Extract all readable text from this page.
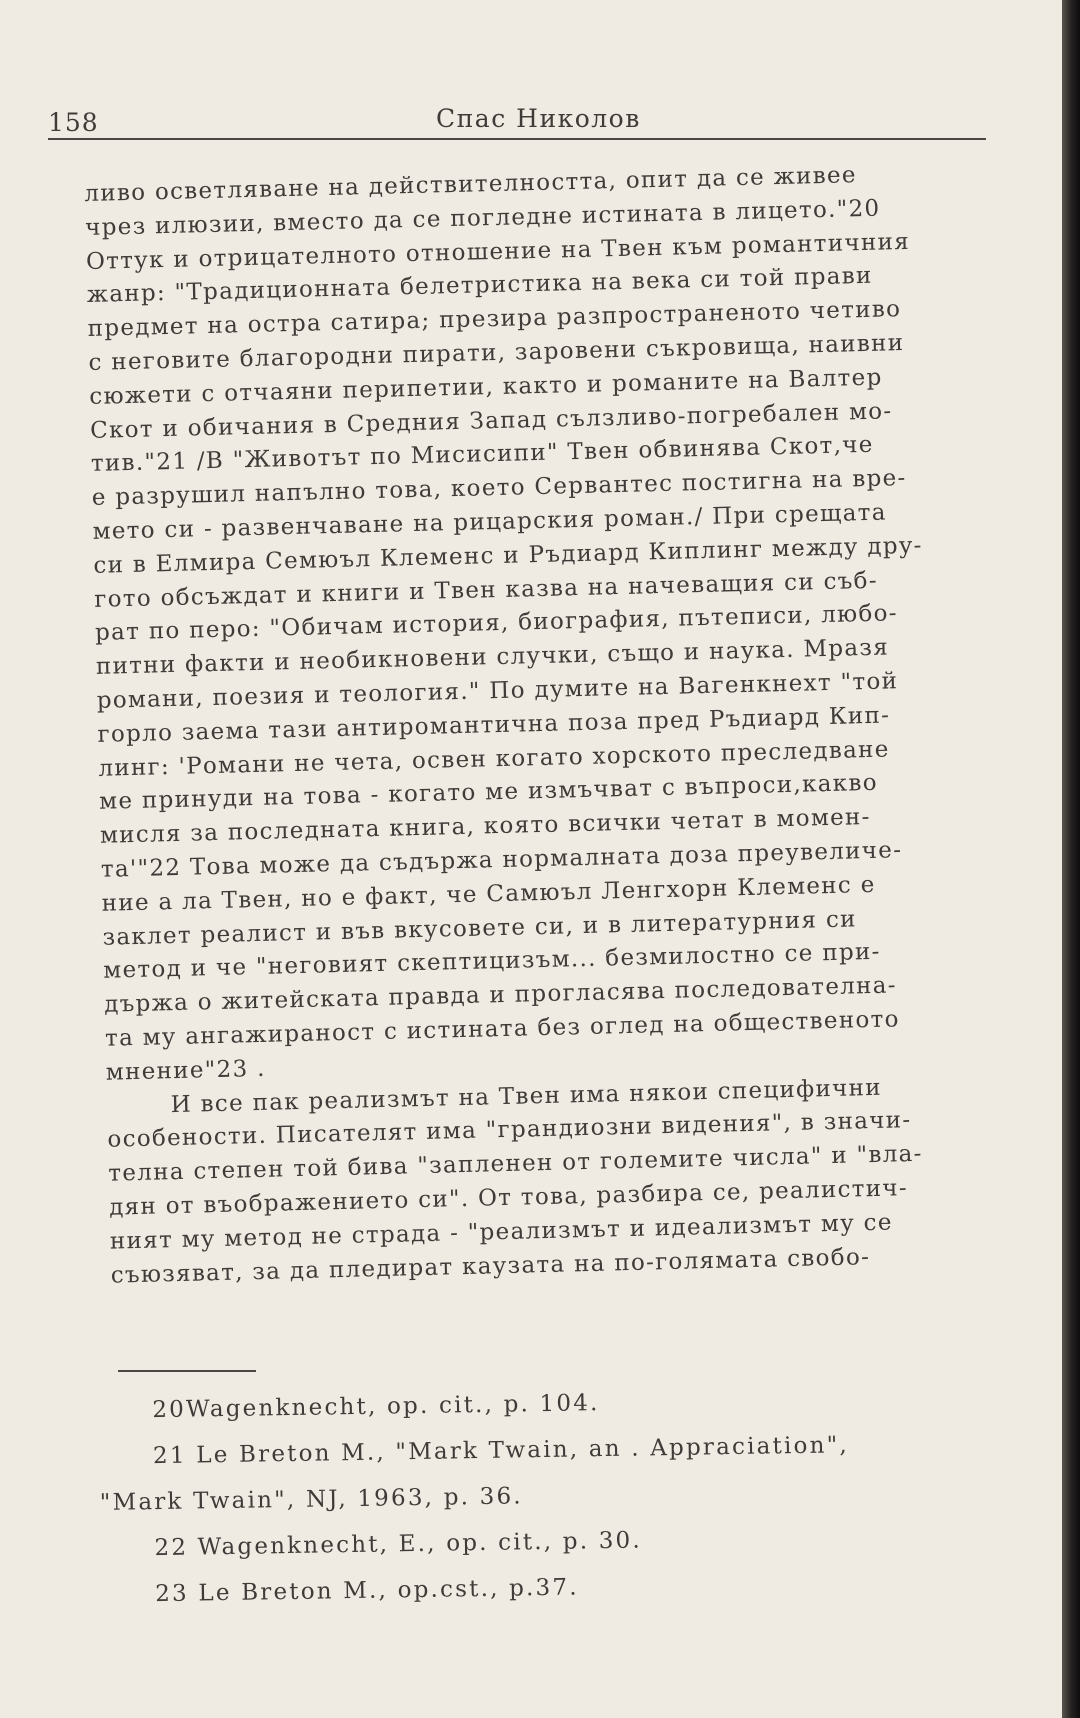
158	Спас Николов
ливо осветляване на действителността, опит да се живее
чрез илюзии, вместо да се погледне истината в лицето."20
Оттук и отрицателното отношение на Твен към романтичния
жанр: "Традиционната белетристика на века си той прави
предмет на остра сатира; презира разпространеното четиво
с неговите благородни пирати, заровени съкровища, наивни
сюжети с отчаяни перипетии, както и романите на Валтер
Скот и обичания в Средния Запад сълзливо-погребален мо-
тив."21 /В "Животът по Мисисипи" Твен обвинява Скот,че
е разрушил напълно това, което Сервантес постигна на вре-
мето си - развенчаване на рицарския роман./ При срещата
си в Елмира Семюъл Клеменс и Ръдиард Киплинг между дру-
гото обсъждат и книги и Твен казва на начеващия си съб-
рат по перо: "Обичам история, биография, пътеписи, любо-
питни факти и необикновени случки, също и наука. Мразя
романи, поезия и теология." По думите на Вагенкнехт "той
горло заема тази антиромантична поза пред Ръдиард Кип-
линг: 'Романи не чета, освен когато хорското преследване
ме принуди на това - когато ме измъчват с въпроси,какво
мисля за последната книга, която всички четат в момен-
та'"22 Това може да съдържа нормалната доза преувеличе-
ние а ла Твен, но е факт, че Самюъл Ленгхорн Клеменс е
заклет реалист и във вкусовете си, и в литературния си
метод и че "неговият скептицизъм... безмилостно се при-
държа о житейската правда и прогласява последователна-
та му ангажираност с истината без оглед на общественото
мнение"23 .
И все пак реализмът на Твен има някои специфични
особености. Писателят има "грандиозни видения", в значи-
телна степен той бива "запленен от големите числа" и "вла-
дян от въображението си". От това, разбира се, реалистич-
ният му метод не страда - "реализмът и идеализмът му се
съюзяват, за да пледират каузата на по-голямата свобо-
20Wagenknecht, op. cit., p. 104.
21 Le Breton M., "Mark Twain, an . Appraciation",
"Mark Twain", NJ, 1963, p. 36.
22 Wagenknecht, E., op. cit., p. 30.
23 Le Breton M., op.cst., p.37.
